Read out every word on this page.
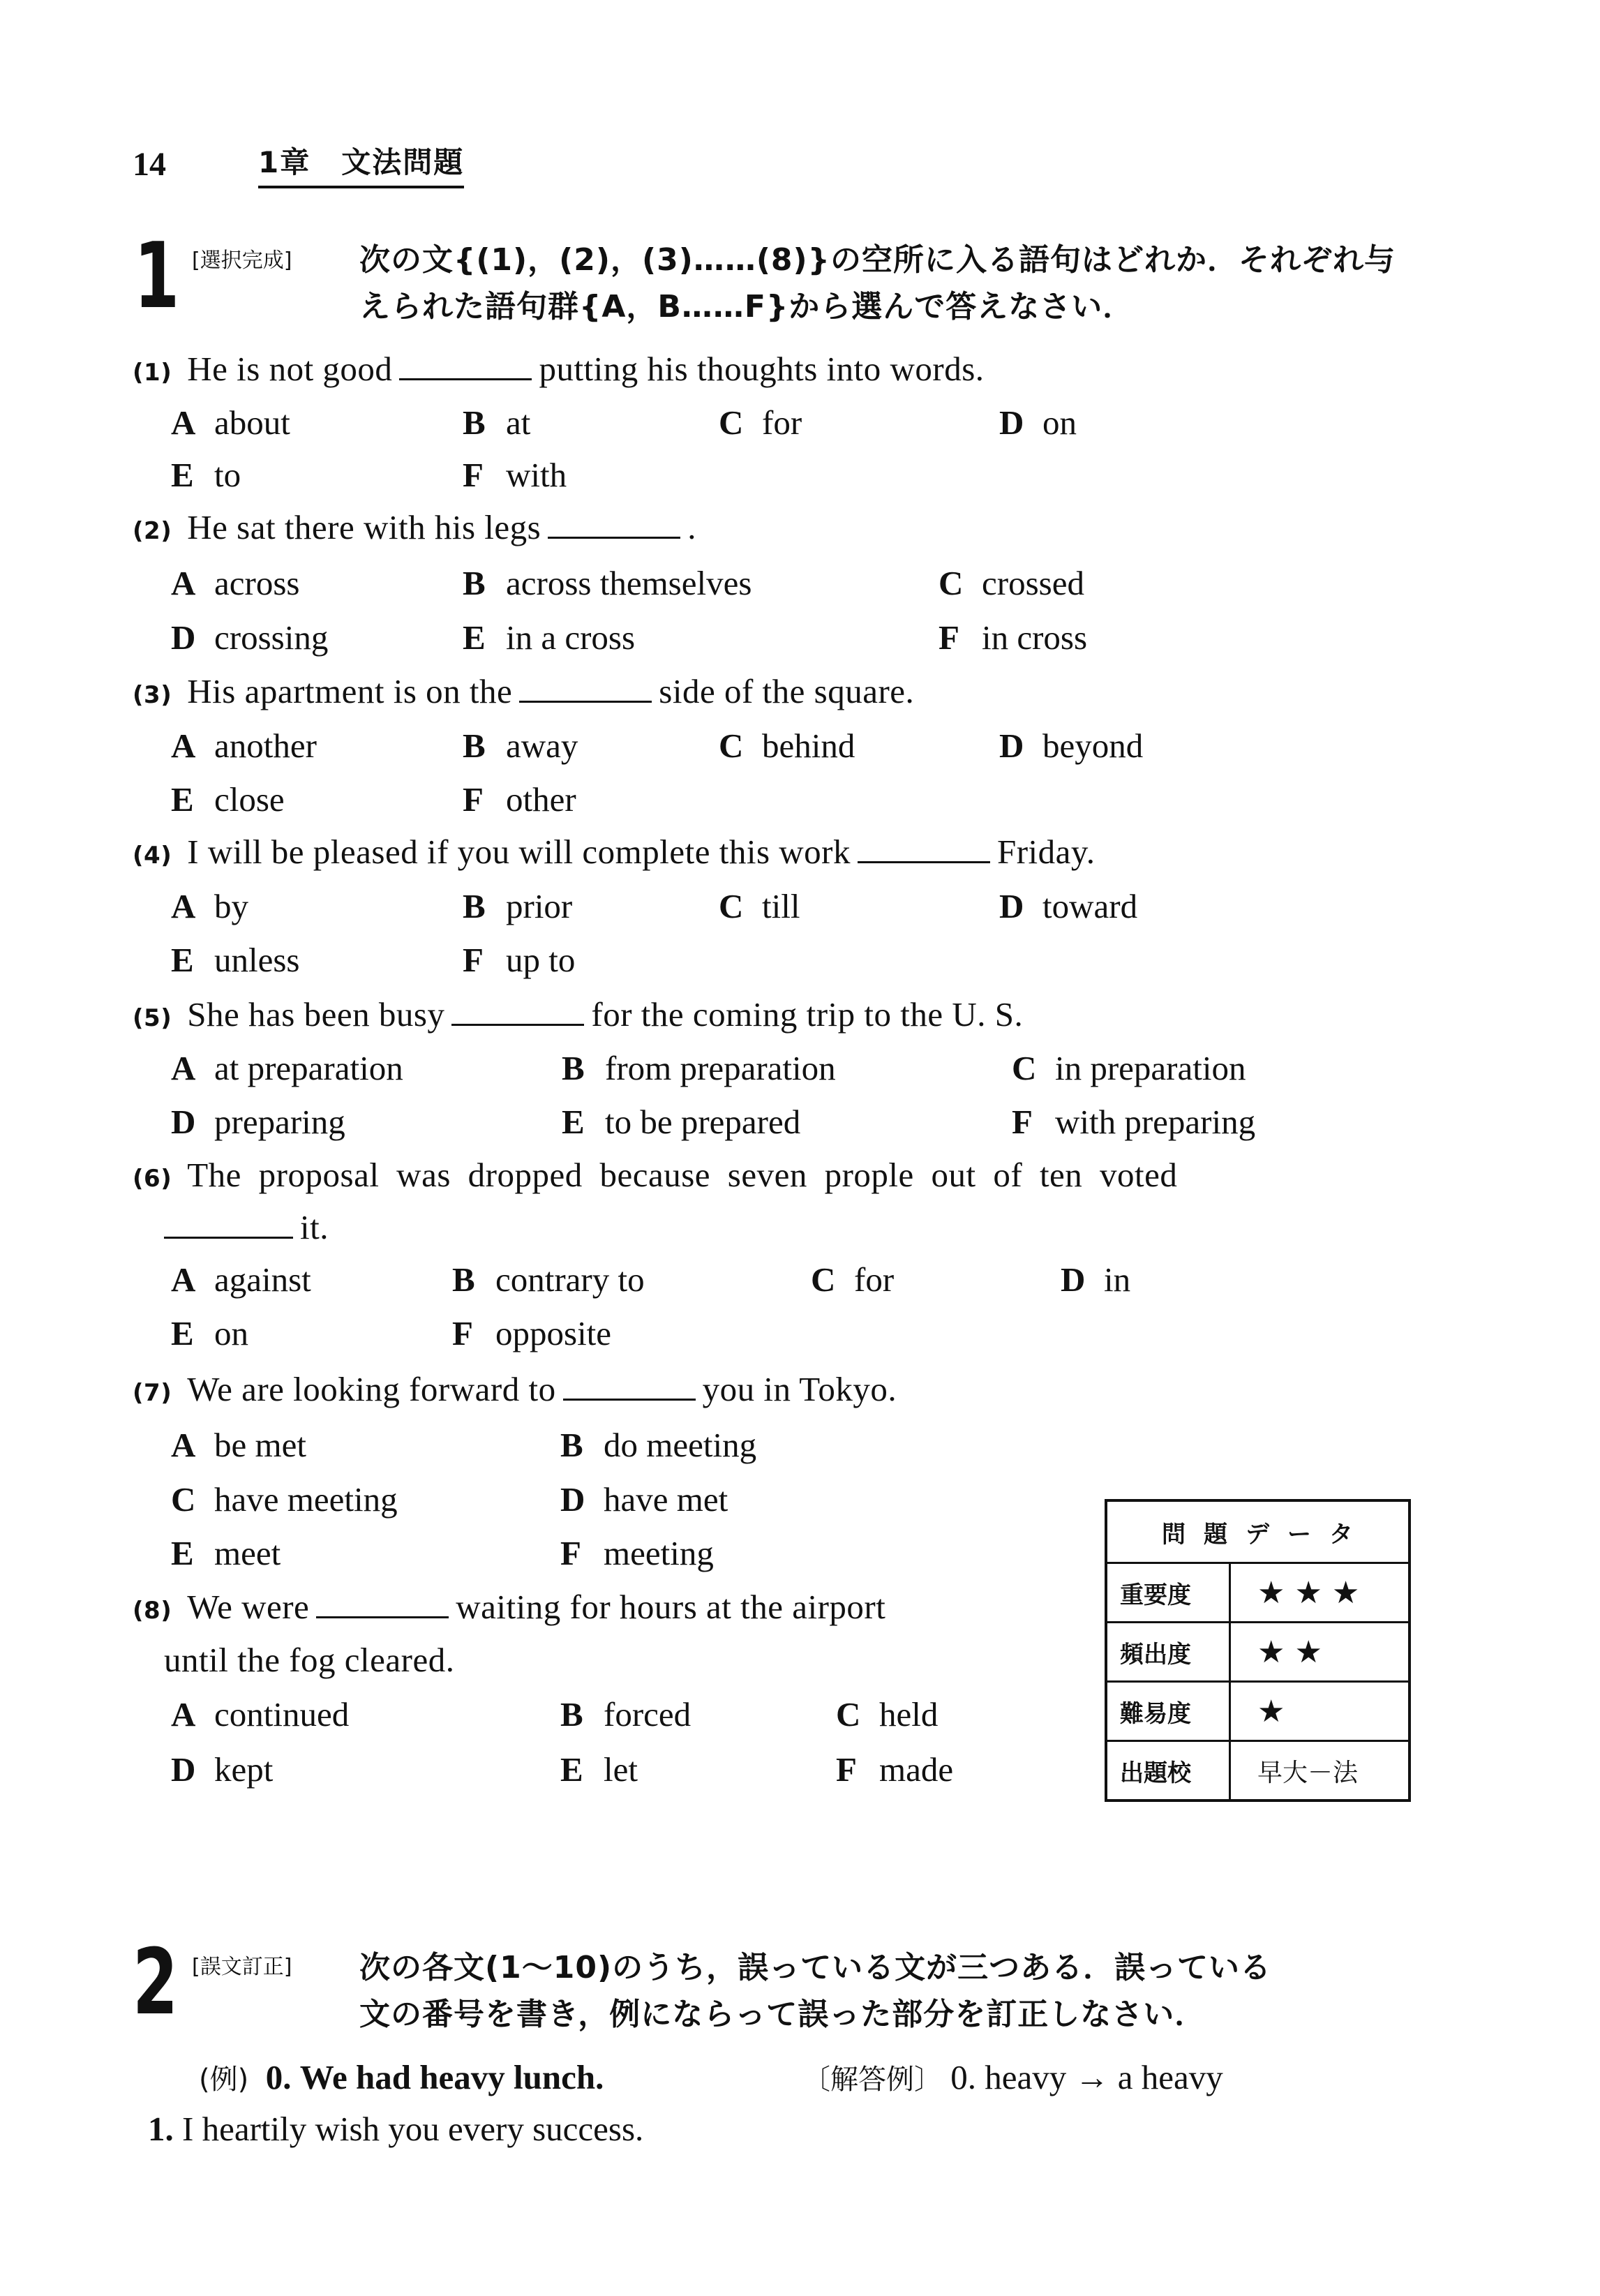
14	1章　文法問題
1 [選択完成] 次の文{(1)，(2)，(3)……(8)}の空所に入る語句はどれか．それぞれ与
えられた語句群{A，B……F}から選んで答えなさい．
(1) He is not good	putting his thoughts into words.
A about	B at	C for	D on
E to	F with
(2) He sat there with his legs	.
A across	B across themselves	C crossed
D crossing	E in a cross	F in cross
(3) His apartment is on the	side of the square.
A another	B away	C behind	D beyond
E close	F other
(4) I will be pleased if you will complete this work	Friday.
A by	B prior	C till	D toward
E unless	F up to
(5) She has been busy	for the coming trip to the U. S.
A at preparation	B from preparation	C in preparation
D preparing	E to be prepared	F with preparing
(6) The proposal was dropped because seven prople out of ten voted
it.
A against	B contrary to	C for	D in
E on	F opposite
(7) We are looking forward to	you in Tokyo.
A be met	B do meeting
C have meeting	D have met
E meet	F meeting
(8) We were	waiting for hours at the airport
until the fog cleared.
A continued	B forced	C held
D kept	E let	F made
問題データ	
重要度	★★★
頻出度	★★
難易度	★
出題校	早大－法
2 [誤文訂正] 次の各文(1～10)のうち，誤っている文が三つある．誤っている
文の番号を書き，例にならって誤った部分を訂正しなさい．
(例) 0. We had heavy lunch.	〔解答例〕 0. heavy → a heavy
1. I heartily wish you every success.
